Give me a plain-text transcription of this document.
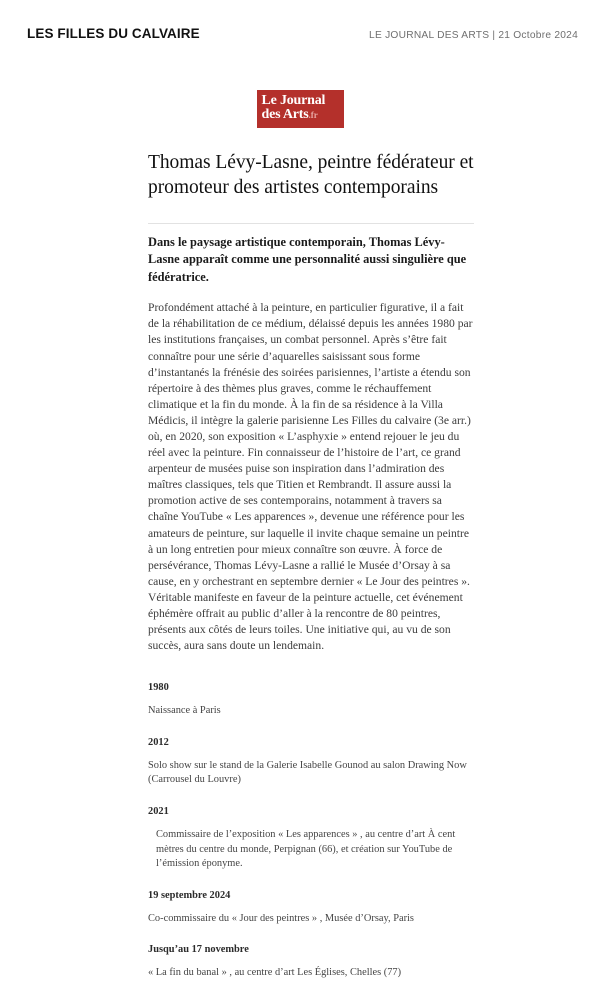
LES FILLES DU CALVAIRE	LE JOURNAL DES ARTS | 21 Octobre 2024
Le Journal
des Arts.fr
Thomas Lévy-Lasne, peintre fédérateur et promoteur des artistes contemporains

Dans le paysage artistique contemporain, Thomas Lévy-Lasne apparaît comme une personnalité aussi singulière que fédératrice.

Profondément attaché à la peinture, en particulier figurative, il a fait de la réhabilitation de ce médium, délaissé depuis les années 1980 par les institutions françaises, un combat personnel. Après s’être fait connaître pour une série d’aquarelles saisissant sous forme d’instantanés la frénésie des soirées parisiennes, l’artiste a étendu son répertoire à des thèmes plus graves, comme le réchauffement climatique et la fin du monde. À la fin de sa résidence à la Villa Médicis, il intègre la galerie parisienne Les Filles du calvaire (3e arr.) où, en 2020, son exposition « L’asphyxie » entend rejouer le jeu du réel avec la peinture. Fin connaisseur de l’histoire de l’art, ce grand arpenteur de musées puise son inspiration dans l’admiration des maîtres classiques, tels que Titien et Rembrandt. Il assure aussi la promotion active de ses contemporains, notamment à travers sa chaîne YouTube « Les apparences », devenue une référence pour les amateurs de peinture, sur laquelle il invite chaque semaine un peintre à un long entretien pour mieux connaître son œuvre. À force de persévérance, Thomas Lévy-Lasne a rallié le Musée d’Orsay à sa cause, en y orchestrant en septembre dernier « Le Jour des peintres ». Véritable manifeste en faveur de la peinture actuelle, cet événement éphémère offrait au public d’aller à la rencontre de 80 peintres, présents aux côtés de leurs toiles. Une initiative qui, au vu de son succès, aura sans doute un lendemain.

1980

Naissance à Paris

2012

Solo show sur le stand de la Galerie Isabelle Gounod au salon Drawing Now (Carrousel du Louvre)

2021

Commissaire de l’exposition « Les apparences » , au centre d’art À cent mètres du centre du monde, Perpignan (66), et création sur YouTube de l’émission éponyme.

19 septembre 2024

Co-commissaire du « Jour des peintres » , Musée d’Orsay, Paris

Jusqu’au 17 novembre

« La fin du banal » , au centre d’art Les Églises, Chelles (77)
